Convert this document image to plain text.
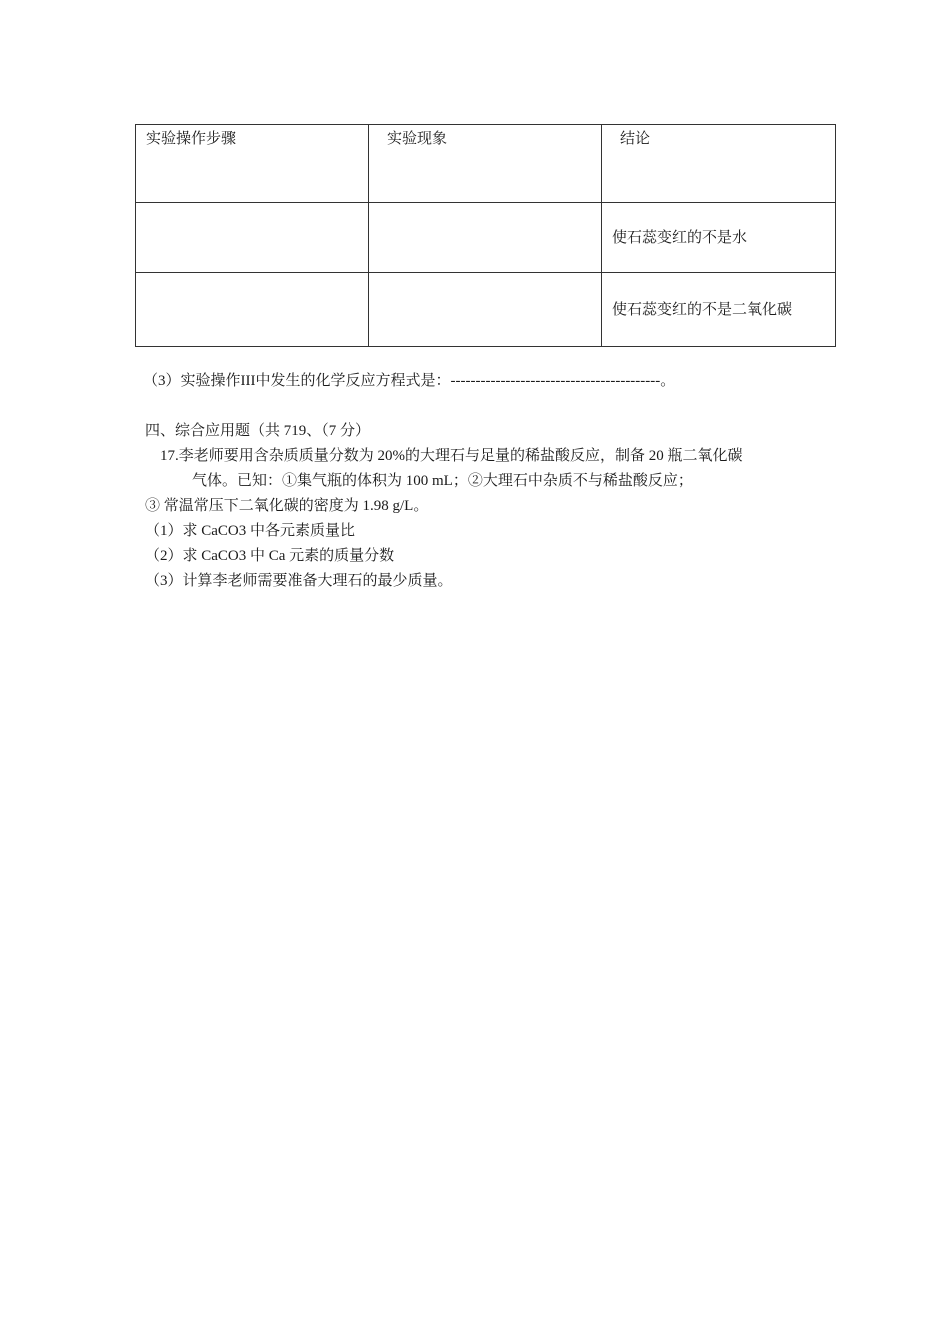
实验操作步骤	实验现象	结论
		使石蕊变红的不是水
		使石蕊变红的不是二氧化碳
（3）实验操作III中发生的化学反应方程式是：------------------------------------------。
四、综合应用题（共 719、（7 分）
17.李老师要用含杂质质量分数为 20%的大理石与足量的稀盐酸反应，制备 20 瓶二氧化碳
气体。已知：①集气瓶的体积为 100 mL；②大理石中杂质不与稀盐酸反应；
③ 常温常压下二氧化碳的密度为 1.98 g/L。
（1）求 CaCO3 中各元素质量比
（2）求 CaCO3 中 Ca 元素的质量分数
（3）计算李老师需要准备大理石的最少质量。
